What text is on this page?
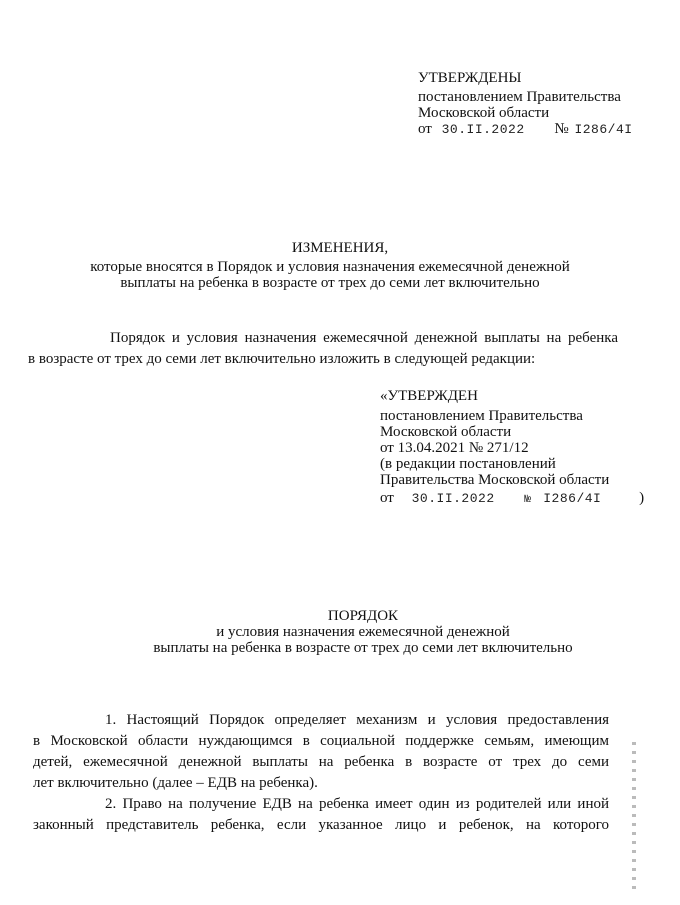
УТВЕРЖДЕНЫ
постановлением Правительства
Московской области
от 30.II.2022 № I286/4I
ИЗМЕНЕНИЯ,
которые вносятся в Порядок и условия назначения ежемесячной денежной
выплаты на ребенка в возрасте от трех до семи лет включительно
Порядок и условия назначения ежемесячной денежной выплаты на ребенка
в возрасте от трех до семи лет включительно изложить в следующей редакции:
«УТВЕРЖДЕН
постановлением Правительства
Московской области
от 13.04.2021 № 271/12
(в редакции постановлений
Правительства Московской области
от 30.II.2022	№ I286/4I	)
ПОРЯДОК
и условия назначения ежемесячной денежной
выплаты на ребенка в возрасте от трех до семи лет включительно
1. Настоящий Порядок определяет механизм и условия предоставления
в Московской области нуждающимся в социальной поддержке семьям, имеющим
детей, ежемесячной денежной выплаты на ребенка в возрасте от трех до семи
лет включительно (далее – ЕДВ на ребенка).
2. Право на получение ЕДВ на ребенка имеет один из родителей или иной
законный представитель ребенка, если указанное лицо и ребенок, на которого
